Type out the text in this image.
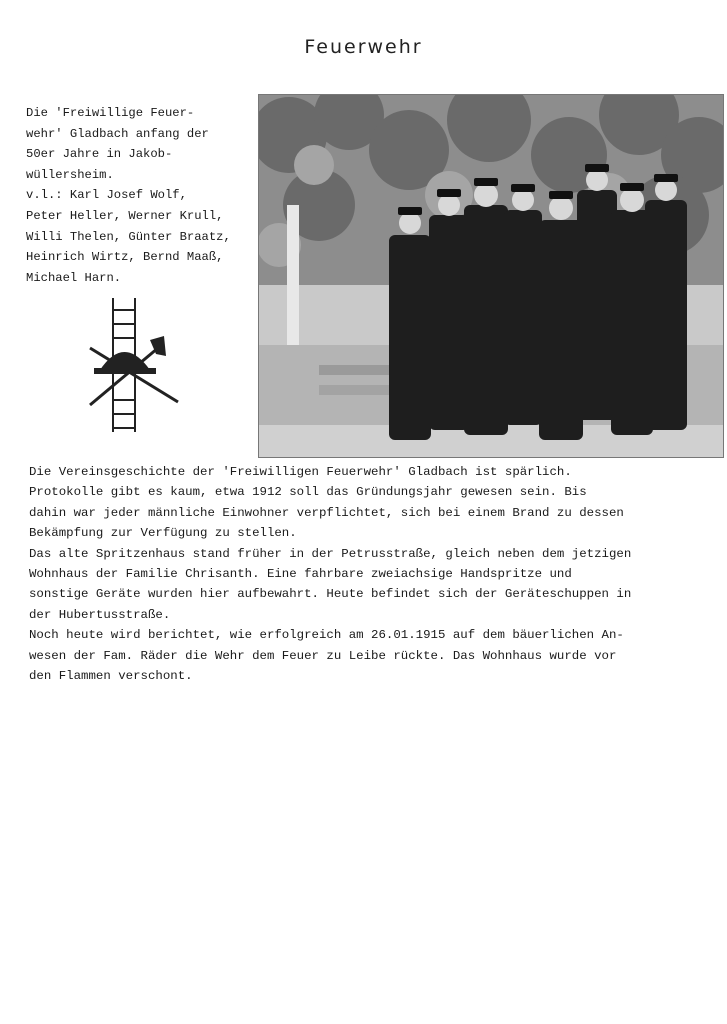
Feuerwehr
Die 'Freiwillige Feuer-
wehr' Gladbach anfang der
50er Jahre in Jakob-
wüllersheim.
v.l.: Karl Josef Wolf,
Peter Heller, Werner Krull,
Willi Thelen, Günter Braatz,
Heinrich Wirtz, Bernd Maaß,
Michael Harn.
Die Vereinsgeschichte der 'Freiwilligen Feuerwehr' Gladbach ist spärlich.
Protokolle gibt es kaum, etwa 1912 soll das Gründungsjahr gewesen sein. Bis
dahin war jeder männliche Einwohner verpflichtet, sich bei einem Brand zu dessen
Bekämpfung zur Verfügung zu stellen.
Das alte Spritzenhaus stand früher in der Petrusstraße, gleich neben dem jetzigen
Wohnhaus der Familie Chrisanth. Eine fahrbare zweiachsige Handspritze und
sonstige Geräte wurden hier aufbewahrt. Heute befindet sich der Geräteschuppen in
der Hubertusstraße.
Noch heute wird berichtet, wie erfolgreich am 26.01.1915 auf dem bäuerlichen An-
wesen der Fam. Räder die Wehr dem Feuer zu Leibe rückte. Das Wohnhaus wurde vor
den Flammen verschont.
